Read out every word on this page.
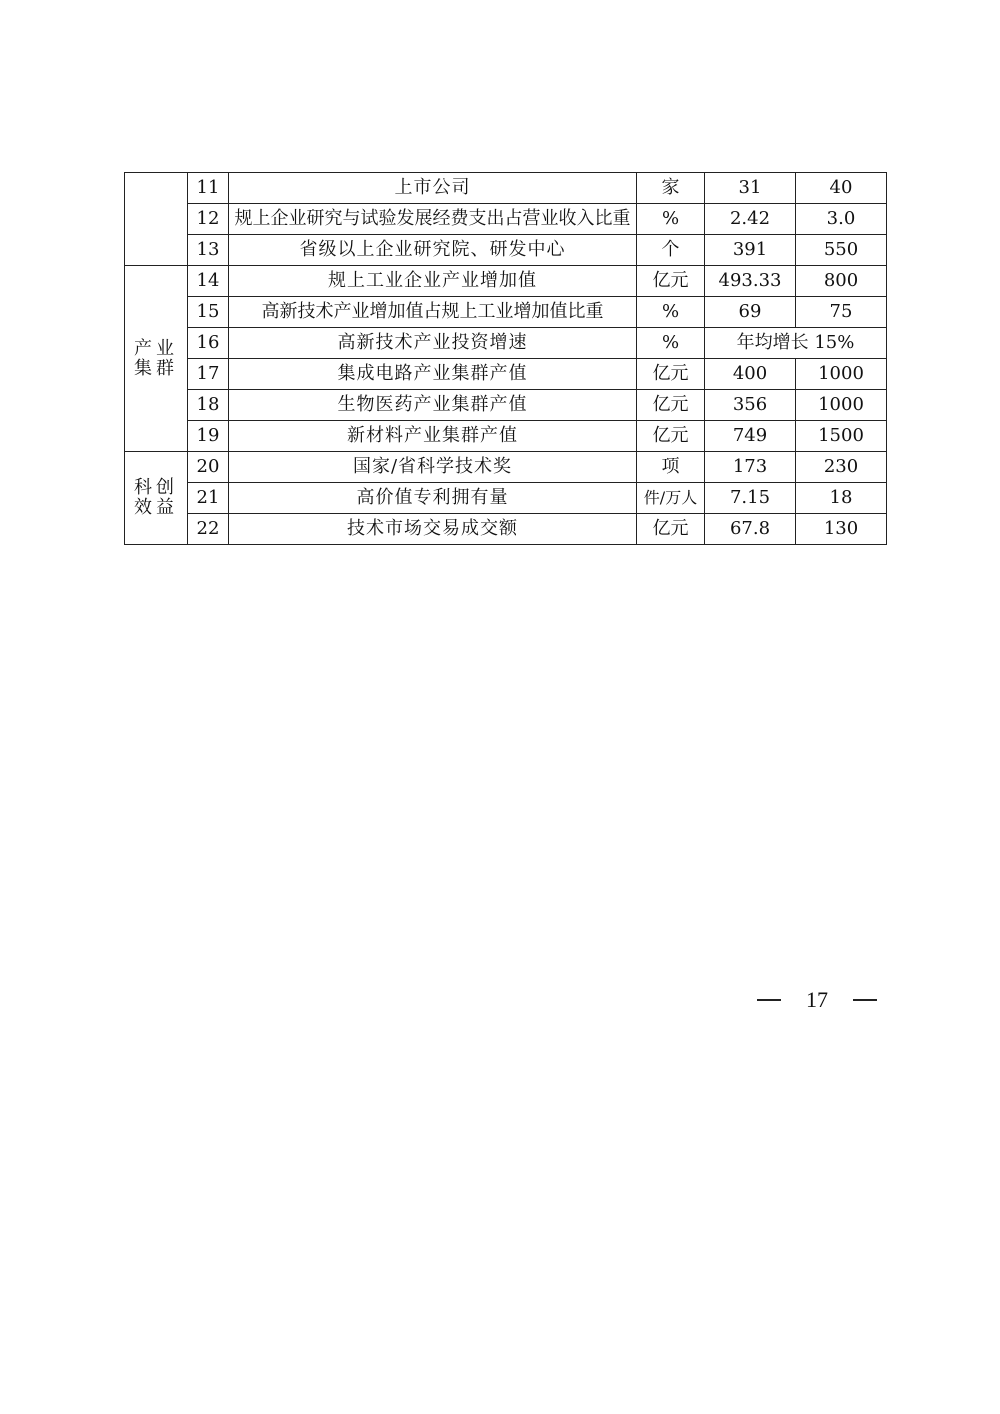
	11	上市公司	家	31	40
	12	规上企业研究与试验发展经费支出占营业收入比重	%	2.42	3.0
	13	省级以上企业研究院、研发中心	个	391	550

产业
集群	14	规上工业企业产业增加值	亿元	493.33	800
	15	高新技术产业增加值占规上工业增加值比重	%	69	75
	16	高新技术产业投资增速	%	年均增长 15%	
	17	集成电路产业集群产值	亿元	400	1000
	18	生物医药产业集群产值	亿元	356	1000
	19	新材料产业集群产值	亿元	749	1500

科创
效益	20	国家/省科学技术奖	项	173	230
	21	高价值专利拥有量	件/万人	7.15	18
	22	技术市场交易成交额	亿元	67.8	130
17
